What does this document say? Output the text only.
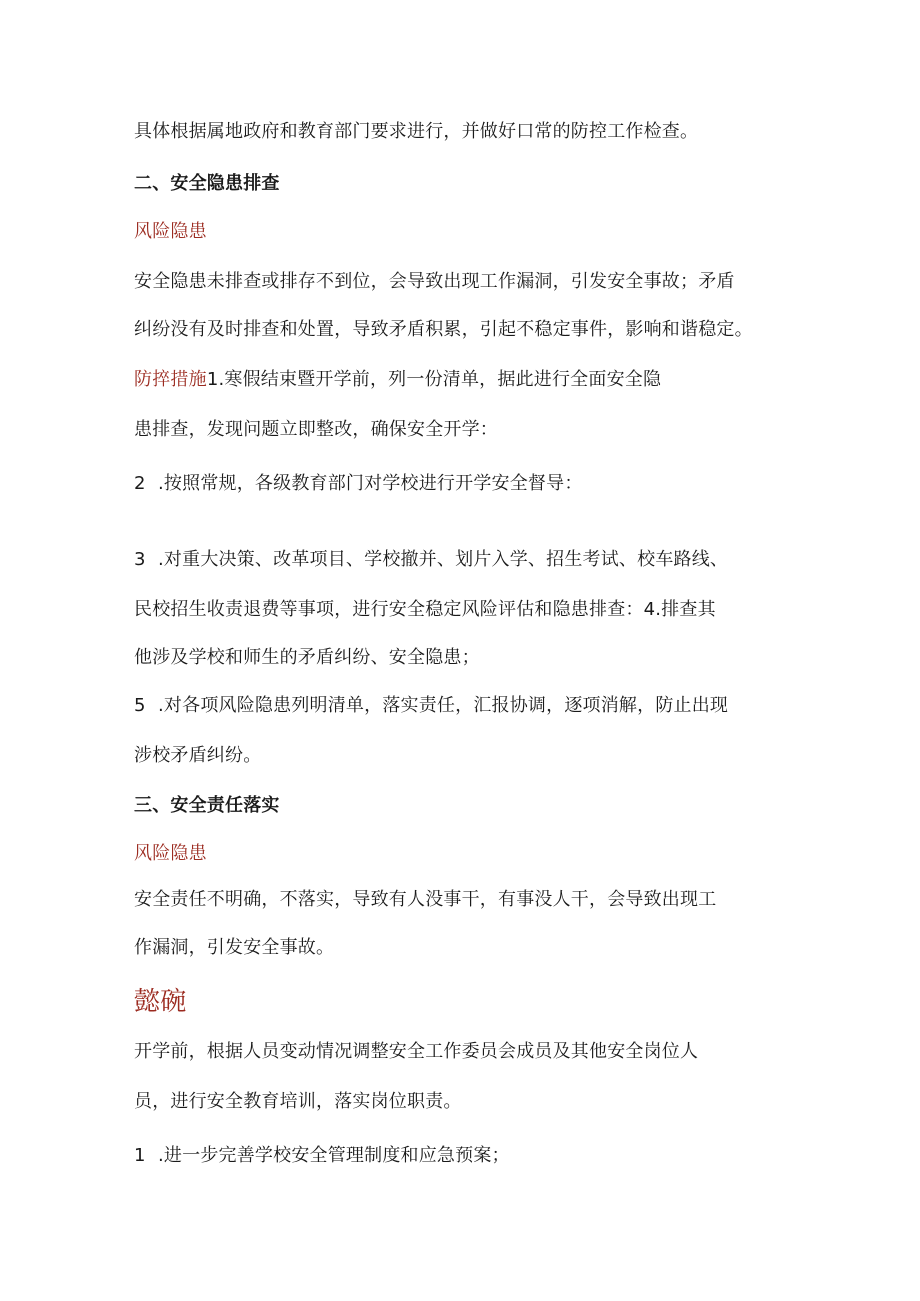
具体根据属地政府和教育部门要求进行，并做好口常的防控工作检查。
二、安全隐患排查
风险隐患
安全隐患未排查或排存不到位，会导致出现工作漏洞，引发安全事故；矛盾
纠纷没有及时排查和处置，导致矛盾积累，引起不稳定事件，影响和谐稳定。
防捽措施1.寒假结束暨开学前，列一份清单，据此进行全面安全隐
患排查，发现问题立即整改，确保安全开学：
2 .按照常规，各级教育部门对学校进行开学安全督导：
3 .对重大决策、改革项目、学校撤并、划片入学、招生考试、校车路线、
民校招生收责退费等事项，进行安全稳定风险评估和隐患排查：4.排查其
他涉及学校和师生的矛盾纠纷、安全隐患；
5 .对各项风险隐患列明清单，落实责任，汇报协调，逐项消解，防止出现
涉校矛盾纠纷。
三、安全责任落实
风险隐患
安全责任不明确，不落实，导致有人没事干，有事没人干，会导致出现工
作漏洞，引发安全事故。
懿碗
开学前，根据人员变动情况调整安全工作委员会成员及其他安全岗位人
员，进行安全教育培训，落实岗位职责。
1 .进一步完善学校安全管理制度和应急预案；
